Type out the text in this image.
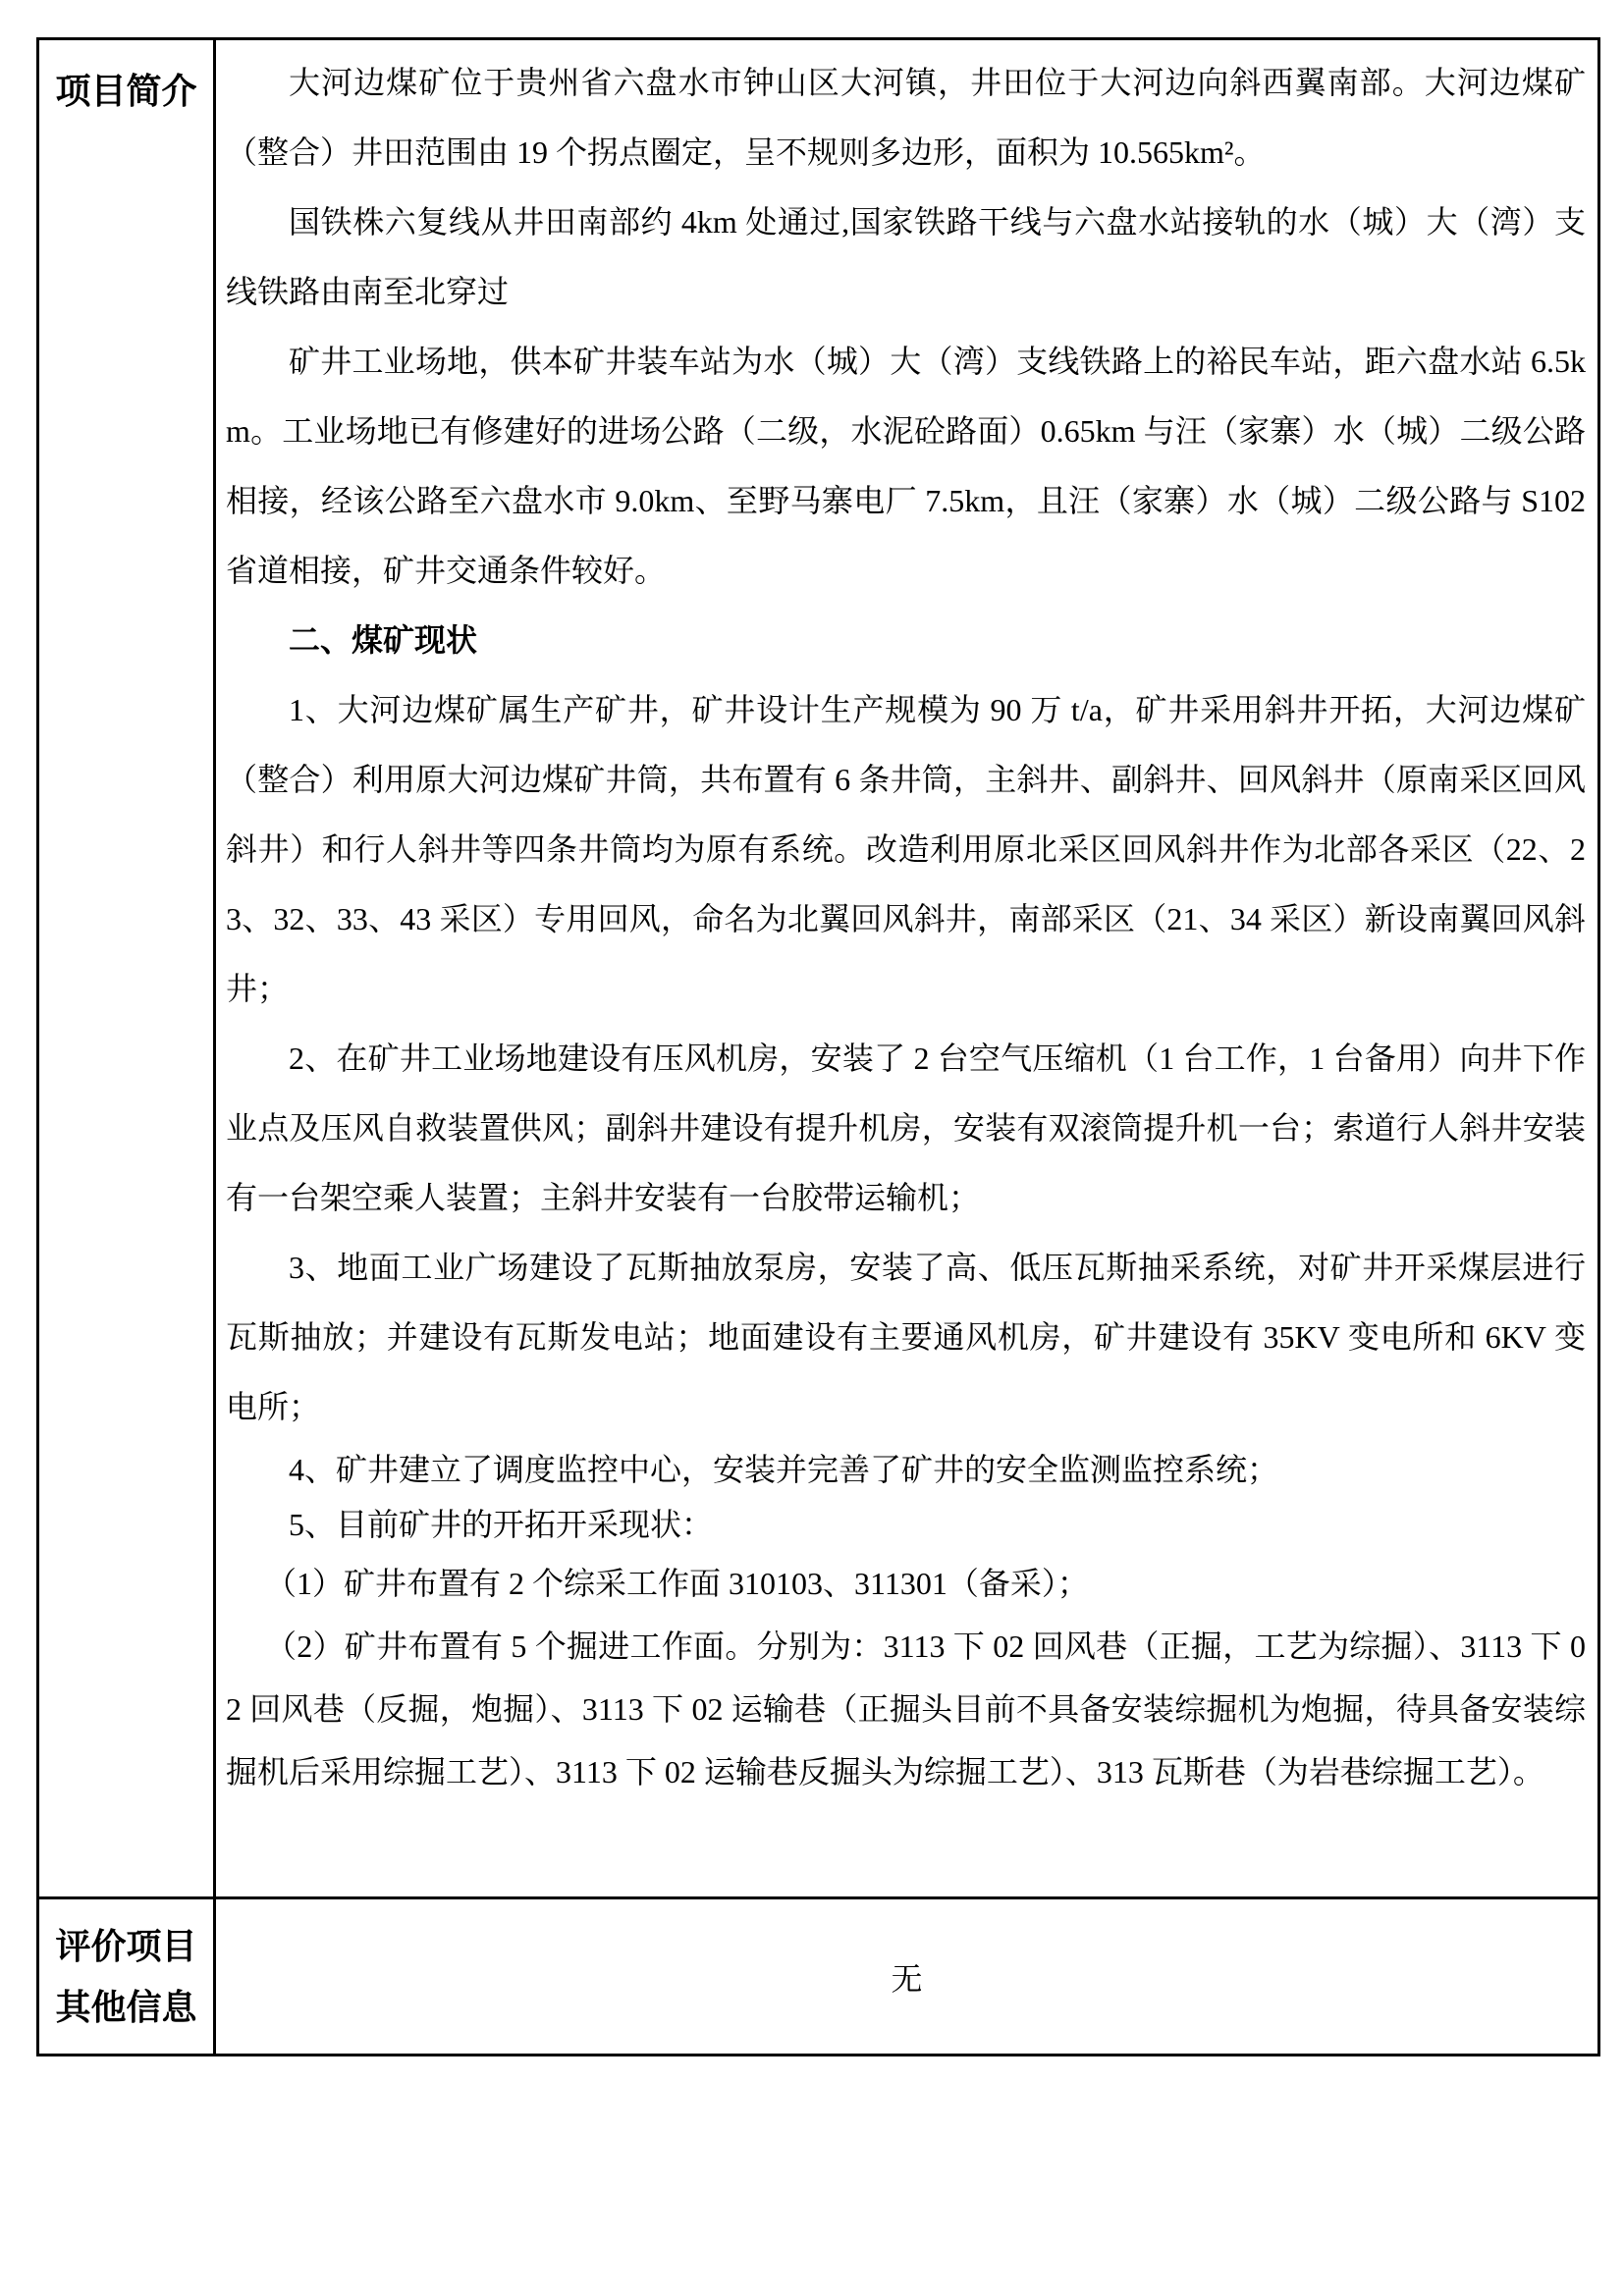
项目简介	大河边煤矿位于贵州省六盘水市钟山区大河镇，井田位于大河边向斜西翼南部。大河边煤矿（整合）井田范围由 19 个拐点圈定，呈不规则多边形，面积为 10.565km²。

国铁株六复线从井田南部约 4km 处通过,国家铁路干线与六盘水站接轨的水（城）大（湾）支线铁路由南至北穿过

矿井工业场地，供本矿井装车站为水（城）大（湾）支线铁路上的裕民车站，距六盘水站 6.5km。工业场地已有修建好的进场公路（二级，水泥砼路面）0.65km 与汪（家寨）水（城）二级公路相接，经该公路至六盘水市 9.0km、至野马寨电厂 7.5km，且汪（家寨）水（城）二级公路与 S102 省道相接，矿井交通条件较好。

二、煤矿现状

1、大河边煤矿属生产矿井，矿井设计生产规模为 90 万 t/a，矿井采用斜井开拓，大河边煤矿（整合）利用原大河边煤矿井筒，共布置有 6 条井筒，主斜井、副斜井、回风斜井（原南采区回风斜井）和行人斜井等四条井筒均为原有系统。改造利用原北采区回风斜井作为北部各采区（22、23、32、33、43 采区）专用回风，命名为北翼回风斜井，南部采区（21、34 采区）新设南翼回风斜井；

2、在矿井工业场地建设有压风机房，安装了 2 台空气压缩机（1 台工作，1 台备用）向井下作业点及压风自救装置供风；副斜井建设有提升机房，安装有双滚筒提升机一台；索道行人斜井安装有一台架空乘人装置；主斜井安装有一台胶带运输机；

3、地面工业广场建设了瓦斯抽放泵房，安装了高、低压瓦斯抽采系统，对矿井开采煤层进行瓦斯抽放；并建设有瓦斯发电站；地面建设有主要通风机房，矿井建设有 35KV 变电所和 6KV 变电所；

4、矿井建立了调度监控中心，安装并完善了矿井的安全监测监控系统；

5、目前矿井的开拓开采现状：

（1）矿井布置有 2 个综采工作面 310103、311301（备采）；

（2）矿井布置有 5 个掘进工作面。分别为：3113 下 02 回风巷（正掘，工艺为综掘）、3113 下 02 回风巷（反掘，炮掘）、3113 下 02 运输巷（正掘头目前不具备安装综掘机为炮掘，待具备安装综掘机后采用综掘工艺）、3113 下 02 运输巷反掘头为综掘工艺）、313 瓦斯巷（为岩巷综掘工艺）。

评价项目
其他信息
无
